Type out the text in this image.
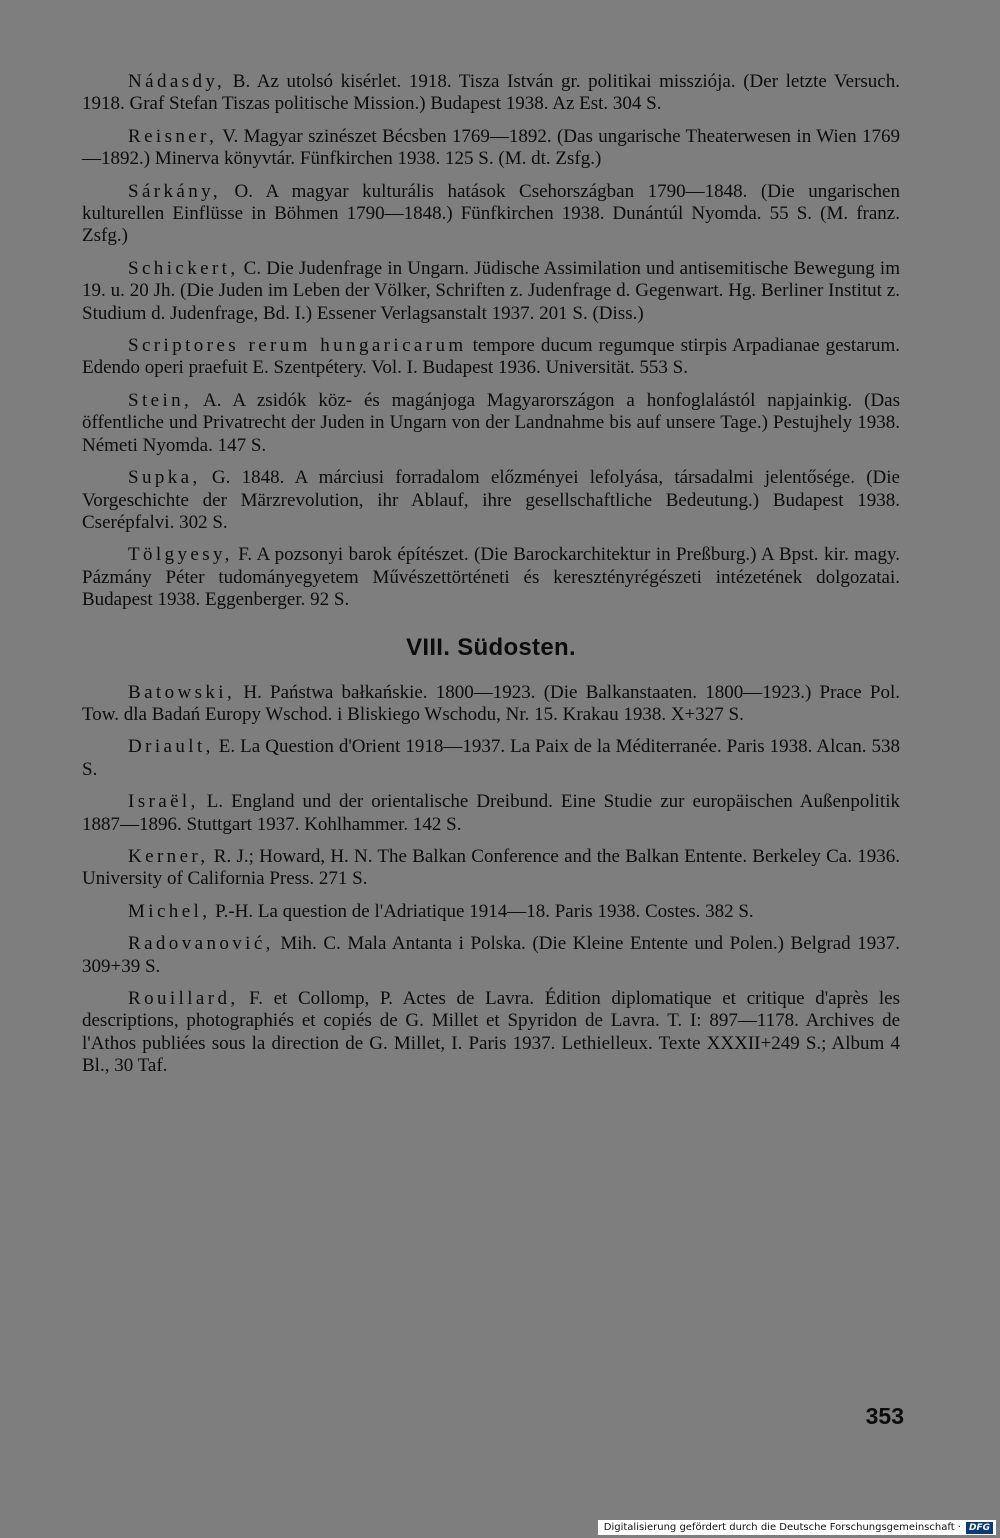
Nádasdy, B. Az utolsó kisérlet. 1918. Tisza István gr. politikai missziója. (Der letzte Versuch. 1918. Graf Stefan Tiszas politische Mission.) Budapest 1938. Az Est. 304 S.

Reisner, V. Magyar szinészet Bécsben 1769—1892. (Das ungarische Theaterwesen in Wien 1769—1892.) Minerva könyvtár. Fünfkirchen 1938. 125 S. (M. dt. Zsfg.)

Sárkány, O. A magyar kulturális hatások Csehországban 1790—1848. (Die ungarischen kulturellen Einflüsse in Böhmen 1790—1848.) Fünfkirchen 1938. Dunántúl Nyomda. 55 S. (M. franz. Zsfg.)

Schickert, C. Die Judenfrage in Ungarn. Jüdische Assimilation und antisemitische Bewegung im 19. u. 20 Jh. (Die Juden im Leben der Völker, Schriften z. Judenfrage d. Gegenwart. Hg. Berliner Institut z. Studium d. Judenfrage, Bd. I.) Essener Verlagsanstalt 1937. 201 S. (Diss.)

Scriptores rerum hungaricarum tempore ducum regumque stirpis Arpadianae gestarum. Edendo operi praefuit E. Szentpétery. Vol. I. Budapest 1936. Universität. 553 S.

Stein, A. A zsidók köz- és magánjoga Magyarországon a honfoglalástól napjainkig. (Das öffentliche und Privatrecht der Juden in Ungarn von der Landnahme bis auf unsere Tage.) Pestujhely 1938. Németi Nyomda. 147 S.

Supka, G. 1848. A márciusi forradalom előzményei lefolyása, társadalmi jelentősége. (Die Vorgeschichte der Märzrevolution, ihr Ablauf, ihre gesellschaftliche Bedeutung.) Budapest 1938. Cserépfalvi. 302 S.

Tölgyesy, F. A pozsonyi barok építészet. (Die Barockarchitektur in Preßburg.) A Bpst. kir. magy. Pázmány Péter tudományegyetem Művészettörténeti és keresztényrégészeti intézetének dolgozatai. Budapest 1938. Eggenberger. 92 S.

VIII. Südosten.

Batowski, H. Państwa bałkańskie. 1800—1923. (Die Balkanstaaten. 1800—1923.) Prace Pol. Tow. dla Badań Europy Wschod. i Bliskiego Wschodu, Nr. 15. Krakau 1938. X+327 S.

Driault, E. La Question d'Orient 1918—1937. La Paix de la Méditerranée. Paris 1938. Alcan. 538 S.

Israël, L. England und der orientalische Dreibund. Eine Studie zur europäischen Außenpolitik 1887—1896. Stuttgart 1937. Kohlhammer. 142 S.

Kerner, R. J.; Howard, H. N. The Balkan Conference and the Balkan Entente. Berkeley Ca. 1936. University of California Press. 271 S.

Michel, P.-H. La question de l'Adriatique 1914—18. Paris 1938. Costes. 382 S.

Radovanović, Mih. C. Mala Antanta i Polska. (Die Kleine Entente und Polen.) Belgrad 1937. 309+39 S.

Rouillard, F. et Collomp, P. Actes de Lavra. Édition diplomatique et critique d'après les descriptions, photographiés et copiés de G. Millet et Spyridon de Lavra. T. I: 897—1178. Archives de l'Athos publiées sous la direction de G. Millet, I. Paris 1937. Lethielleux. Texte XXXII+249 S.; Album 4 Bl., 30 Taf.

353
Digitalisierung gefördert durch die Deutsche Forschungsgemeinschaft · DFG
